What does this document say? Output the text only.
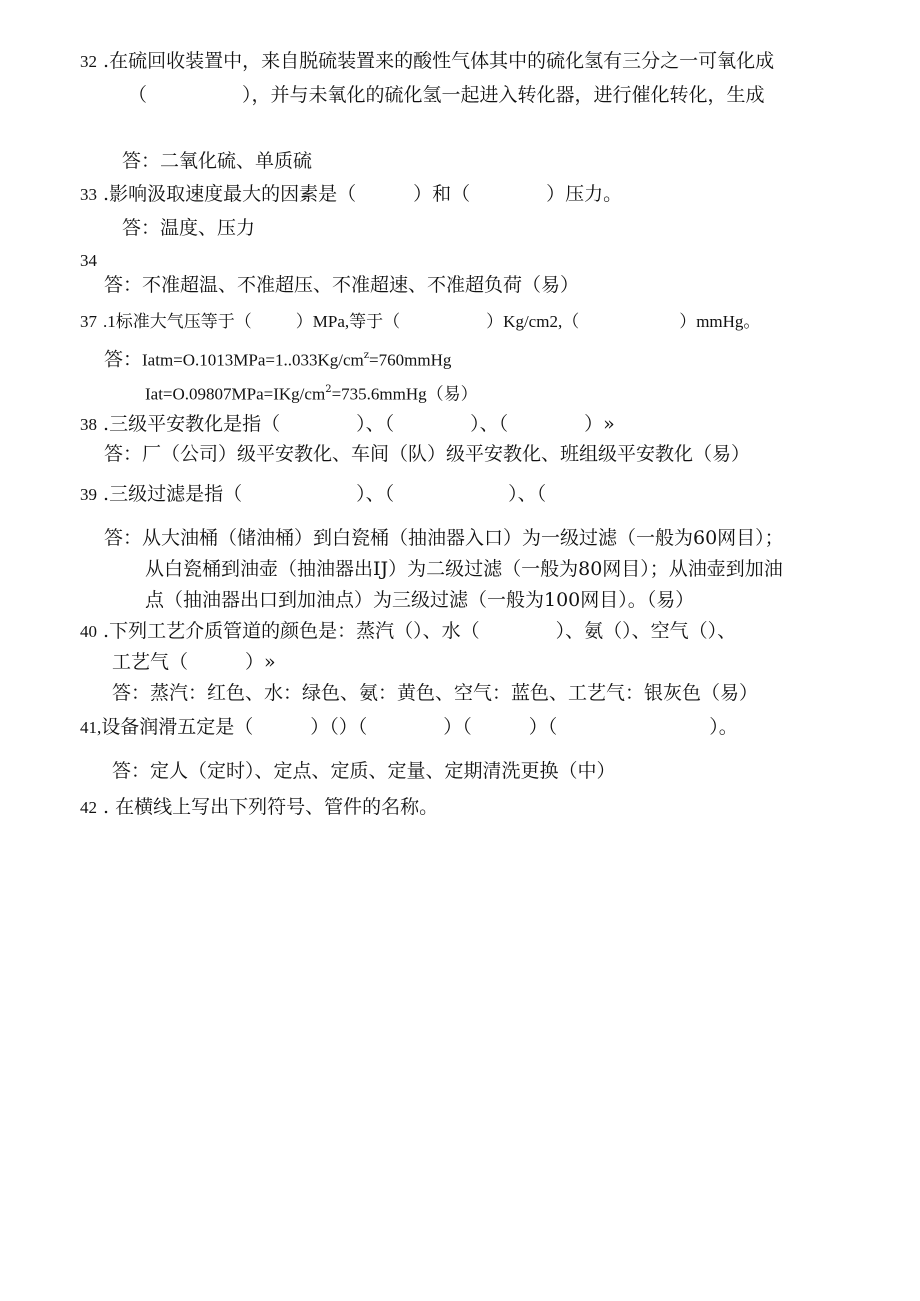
32 .在硫回收装置中，来自脱硫装置来的酸性气体其中的硫化氢有三分之一可氧化成
（　　　　　），并与未氧化的硫化氢一起进入转化器，进行催化转化，生成
答：二氧化硫、单质硫
33 .影响汲取速度最大的因素是（　　　）和（　　　　）压力。
答：温度、压力
34
答：不准超温、不准超压、不准超速、不准超负荷（易）
37 .1标准大气压等于（	）MPa,等于（	）Kg/cm2,（	）mmHg。
答：$Iatm=O.1013MPa=1..033Kg/cm^z=760mmHg$
$Iat=O.09807MPa=IKg/cm^2=735.6mmHg$（易）
38 .三级平安教化是指（　　　　）、（　　　　）、（　　　　）»
答：厂（公司）级平安教化、车间（队）级平安教化、班组级平安教化（易）
39 .三级过滤是指（　　　　　　）、（　　　　　　）、（
答：从大油桶（储油桶）到白瓷桶（抽油器入口）为一级过滤（一般为60网目）；
从白瓷桶到油壶（抽油器出IJ）为二级过滤（一般为80网目）；从油壶到加油
点（抽油器出口到加油点）为三级过滤（一般为100网目）。（易）
40 .下列工艺介质管道的颜色是：蒸汽（）、水（　　　　）、氨（）、空气（）、
工艺气（　　　）»
答：蒸汽：红色、水：绿色、氨：黄色、空气：蓝色、工艺气：银灰色（易）
41,设备润滑五定是（　　　）（）（　　　　）（　　　）（　　　　　　　　）。
答：定人（定时）、定点、定质、定量、定期清洗更换（中）
42 . 在横线上写出下列符号、管件的名称。
